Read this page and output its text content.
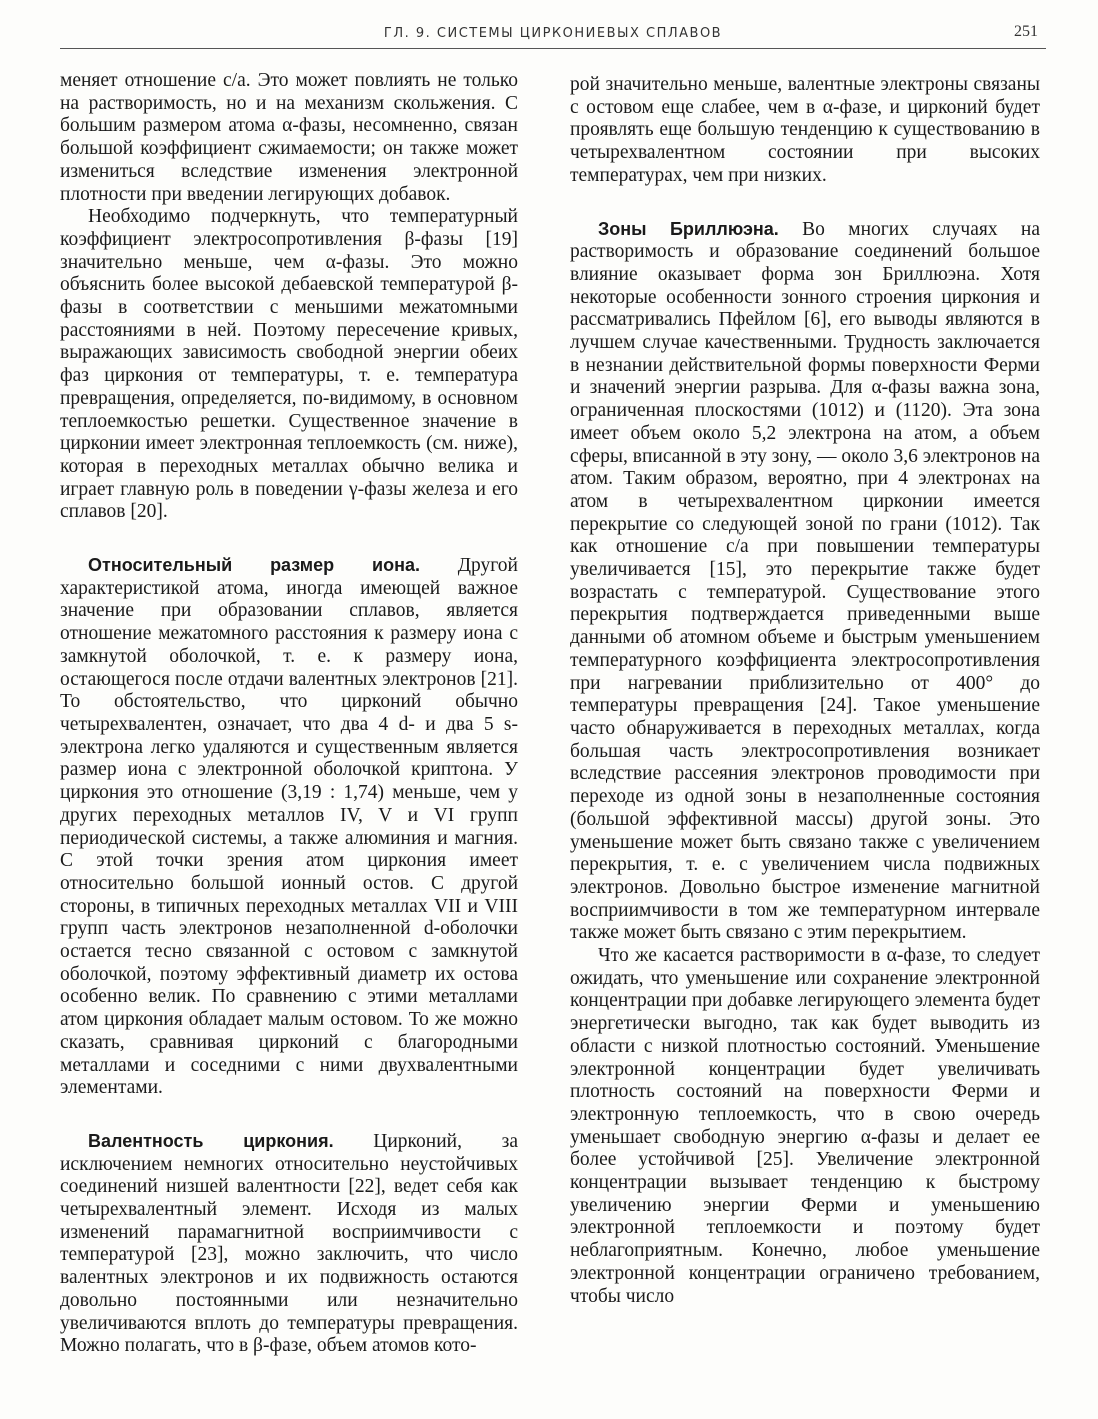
ГЛ. 9. СИСТЕМЫ ЦИРКОНИЕВЫХ СПЛАВОВ	251

меняет отношение c/a. Это может повлиять не только на растворимость, но и на механизм скольжения. С большим размером атома α-фазы, несомненно, связан большой коэффициент сжимаемости; он также может измениться вследствие изменения электронной плотности при введении легирующих добавок.

Необходимо подчеркнуть, что температурный коэффициент электросопротивления β-фазы [19] значительно меньше, чем α-фазы. Это можно объяснить более высокой дебаевской температурой β-фазы в соответствии с меньшими межатомными расстояниями в ней. Поэтому пересечение кривых, выражающих зависимость свободной энергии обеих фаз циркония от температуры, т. е. температура превращения, определяется, по-видимому, в основном теплоемкостью решетки. Существенное значение в цирконии имеет электронная теплоемкость (см. ниже), которая в переходных металлах обычно велика и играет главную роль в поведении γ-фазы железа и его сплавов [20].

Относительный размер иона. Другой характеристикой атома, иногда имеющей важное значение при образовании сплавов, является отношение межатомного расстояния к размеру иона с замкнутой оболочкой, т. е. к размеру иона, остающегося после отдачи валентных электронов [21]. То обстоятельство, что цирконий обычно четырехвалентен, означает, что два 4 d- и два 5 s-электрона легко удаляются и существенным является размер иона с электронной оболочкой криптона. У циркония это отношение (3,19 : 1,74) меньше, чем у других переходных металлов IV, V и VI групп периодической системы, а также алюминия и магния. С этой точки зрения атом циркония имеет относительно большой ионный остов. С другой стороны, в типичных переходных металлах VII и VIII групп часть электронов незаполненной d-оболочки остается тесно связанной с остовом с замкнутой оболочкой, поэтому эффективный диаметр их остова особенно велик. По сравнению с этими металлами атом циркония обладает малым остовом. То же можно сказать, сравнивая цирконий с благородными металлами и соседними с ними двухвалентными элементами.

Валентность циркония. Цирконий, за исключением немногих относительно неустойчивых соединений низшей валентности [22], ведет себя как четырехвалентный элемент. Исходя из малых изменений парамагнитной восприимчивости с температурой [23], можно заключить, что число валентных электронов и их подвижность остаются довольно постоянными или незначительно увеличиваются вплоть до температуры превращения. Можно полагать, что в β-фазе, объем атомов кото-

рой значительно меньше, валентные электроны связаны с остовом еще слабее, чем в α-фазе, и цирконий будет проявлять еще большую тенденцию к существованию в четырехвалентном состоянии при высоких температурах, чем при низких.

Зоны Бриллюэна. Во многих случаях на растворимость и образование соединений большое влияние оказывает форма зон Бриллюэна. Хотя некоторые особенности зонного строения циркония и рассматривались Пфейлом [6], его выводы являются в лучшем случае качественными. Трудность заключается в незнании действительной формы поверхности Ферми и значений энергии разрыва. Для α-фазы важна зона, ограниченная плоскостями (1012) и (1120). Эта зона имеет объем около 5,2 электрона на атом, а объем сферы, вписанной в эту зону, — около 3,6 электронов на атом. Таким образом, вероятно, при 4 электронах на атом в четырехвалентном цирконии имеется перекрытие со следующей зоной по грани (1012). Так как отношение c/a при повышении температуры увеличивается [15], это перекрытие также будет возрастать с температурой. Существование этого перекрытия подтверждается приведенными выше данными об атомном объеме и быстрым уменьшением температурного коэффициента электросопротивления при нагревании приблизительно от 400° до температуры превращения [24]. Такое уменьшение часто обнаруживается в переходных металлах, когда большая часть электросопротивления возникает вследствие рассеяния электронов проводимости при переходе из одной зоны в незаполненные состояния (большой эффективной массы) другой зоны. Это уменьшение может быть связано также с увеличением перекрытия, т. е. с увеличением числа подвижных электронов. Довольно быстрое изменение магнитной восприимчивости в том же температурном интервале также может быть связано с этим перекрытием.

Что же касается растворимости в α-фазе, то следует ожидать, что уменьшение или сохранение электронной концентрации при добавке легирующего элемента будет энергетически выгодно, так как будет выводить из области с низкой плотностью состояний. Уменьшение электронной концентрации будет увеличивать плотность состояний на поверхности Ферми и электронную теплоемкость, что в свою очередь уменьшает свободную энергию α-фазы и делает ее более устойчивой [25]. Увеличение электронной концентрации вызывает тенденцию к быстрому увеличению энергии Ферми и уменьшению электронной теплоемкости и поэтому будет неблагоприятным. Конечно, любое уменьшение электронной концентрации ограничено требованием, чтобы число
